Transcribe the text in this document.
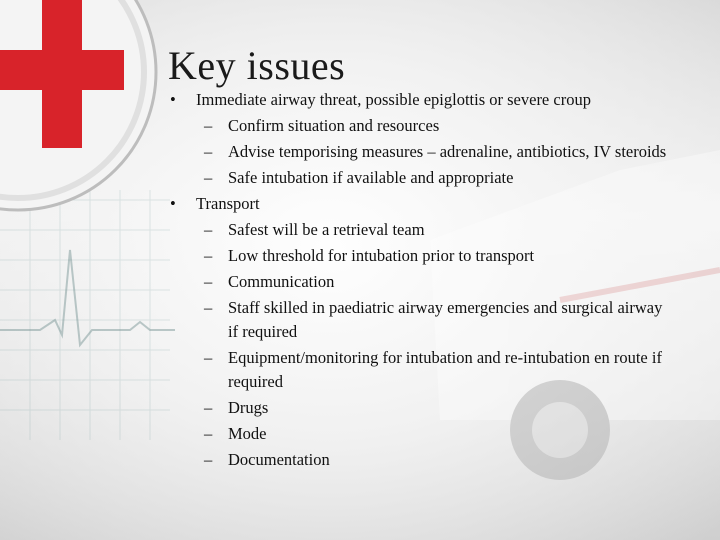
Key issues
• Immediate airway threat, possible epiglottis or severe croup
– Confirm situation and resources
– Advise temporising measures – adrenaline, antibiotics, IV steroids
– Safe intubation if available and appropriate
• Transport
– Safest will be a retrieval team
– Low threshold for intubation prior to transport
– Communication
– Staff skilled in paediatric airway emergencies and surgical airway if required
– Equipment/monitoring for intubation and re-intubation en route if required
– Drugs
– Mode
– Documentation
